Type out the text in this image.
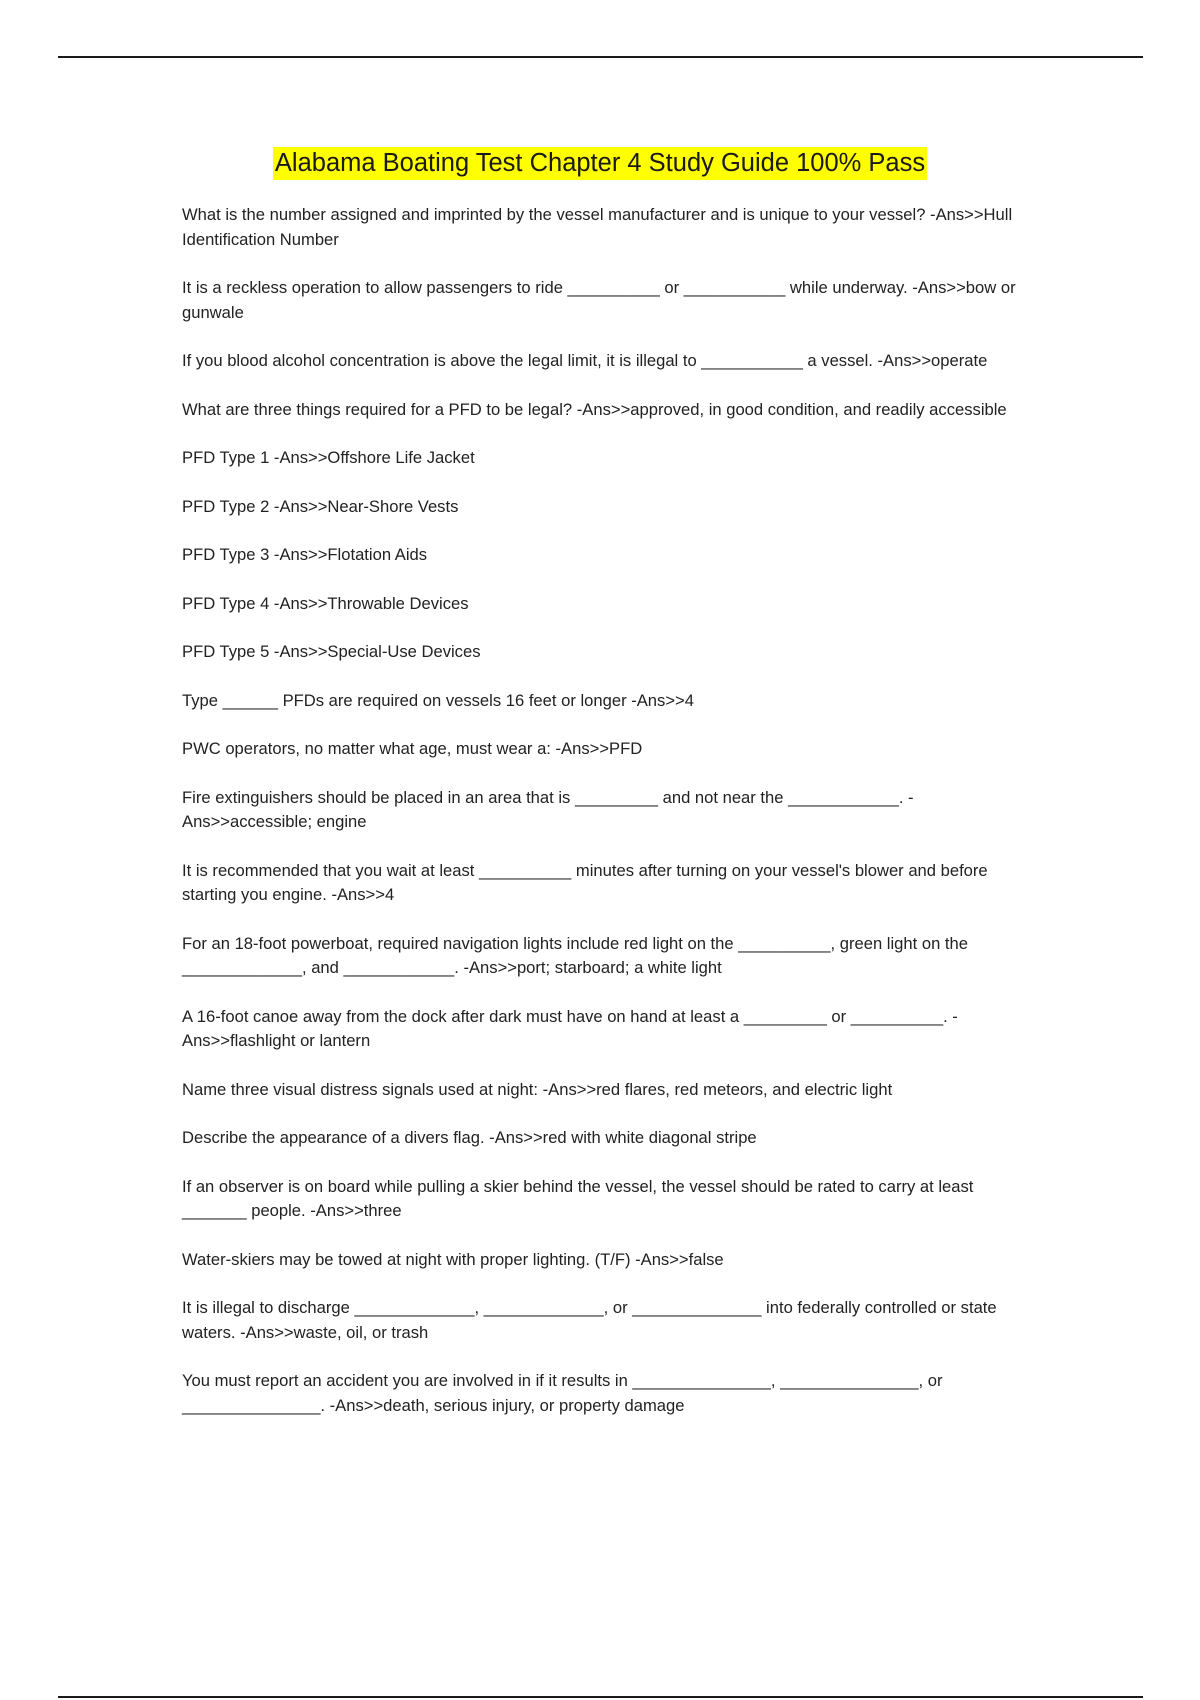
Alabama Boating Test Chapter 4 Study Guide 100% Pass

What is the number assigned and imprinted by the vessel manufacturer and is unique to your vessel? -Ans>>Hull Identification Number

It is a reckless operation to allow passengers to ride __________ or ___________ while underway. -Ans>>bow or gunwale

If you blood alcohol concentration is above the legal limit, it is illegal to ___________ a vessel. -Ans>>operate

What are three things required for a PFD to be legal? -Ans>>approved, in good condition, and readily accessible

PFD Type 1 -Ans>>Offshore Life Jacket

PFD Type 2 -Ans>>Near-Shore Vests

PFD Type 3 -Ans>>Flotation Aids

PFD Type 4 -Ans>>Throwable Devices

PFD Type 5 -Ans>>Special-Use Devices

Type ______ PFDs are required on vessels 16 feet or longer -Ans>>4

PWC operators, no matter what age, must wear a: -Ans>>PFD

Fire extinguishers should be placed in an area that is _________ and not near the ____________. -Ans>>accessible; engine

It is recommended that you wait at least __________ minutes after turning on your vessel's blower and before starting you engine. -Ans>>4

For an 18-foot powerboat, required navigation lights include red light on the __________, green light on the _____________, and ____________. -Ans>>port; starboard; a white light

A 16-foot canoe away from the dock after dark must have on hand at least a _________ or __________. -Ans>>flashlight or lantern

Name three visual distress signals used at night: -Ans>>red flares, red meteors, and electric light

Describe the appearance of a divers flag. -Ans>>red with white diagonal stripe

If an observer is on board while pulling a skier behind the vessel, the vessel should be rated to carry at least _______ people. -Ans>>three

Water-skiers may be towed at night with proper lighting. (T/F) -Ans>>false

It is illegal to discharge _____________, _____________, or ______________ into federally controlled or state waters. -Ans>>waste, oil, or trash

You must report an accident you are involved in if it results in _______________, _______________, or _______________. -Ans>>death, serious injury, or property damage
